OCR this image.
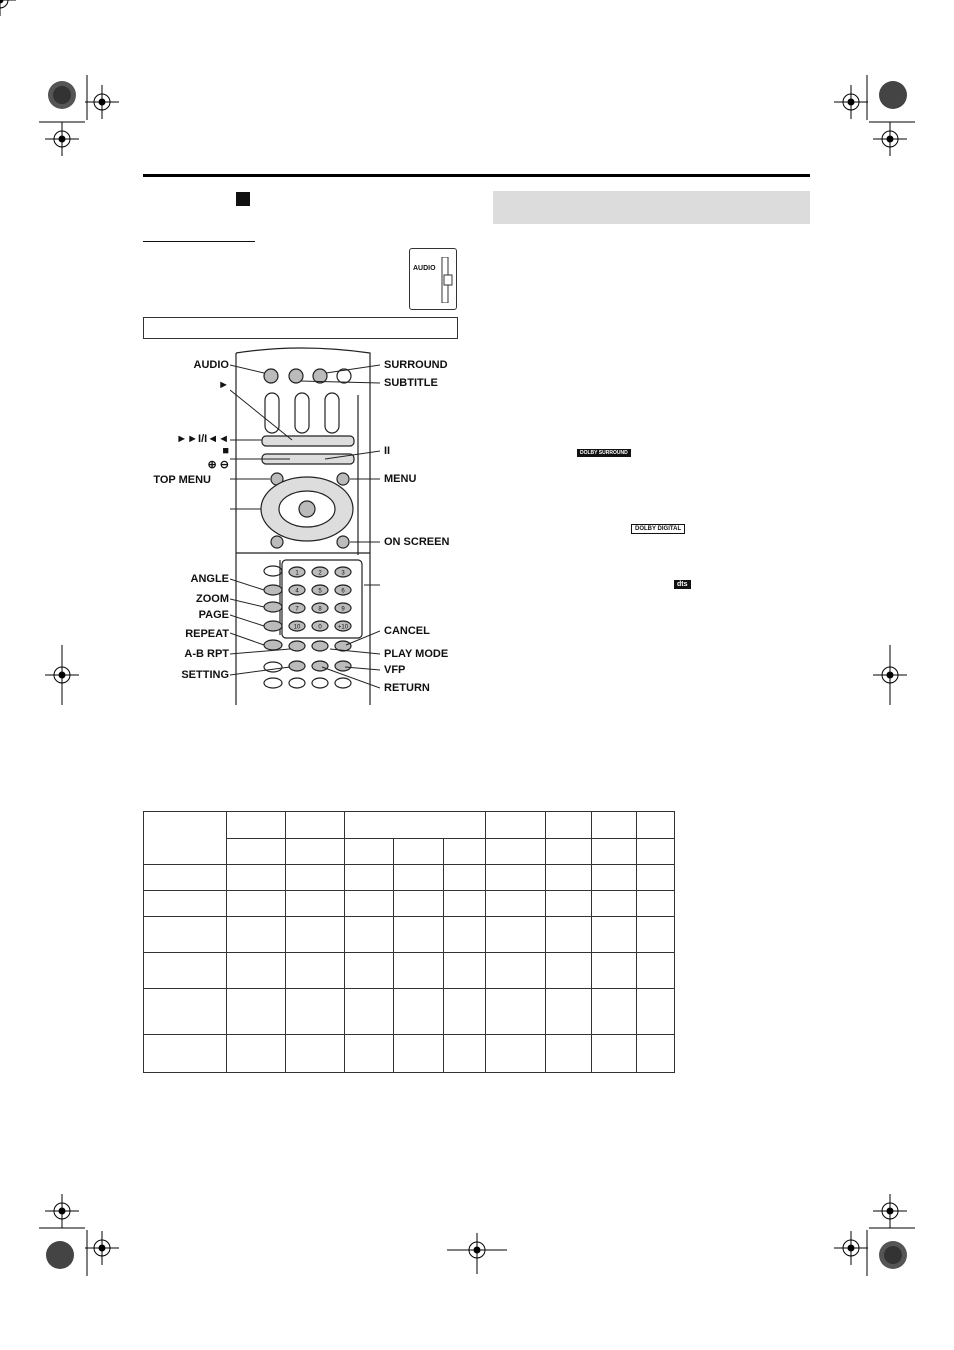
AUDIO
1	2	3
4	5	6
7	8	9
10	0	+10
AUDIO
►
►►I/I◄◄
■
⊕ ⊖
TOP MENU
ANGLE
ZOOM
PAGE
REPEAT
A-B RPT
SETTING
SURROUND
SUBTITLE
II
MENU
ON SCREEN
CANCEL
PLAY MODE
VFP
RETURN
DOLBY SURROUND
DOLBY DIGITAL
dts
